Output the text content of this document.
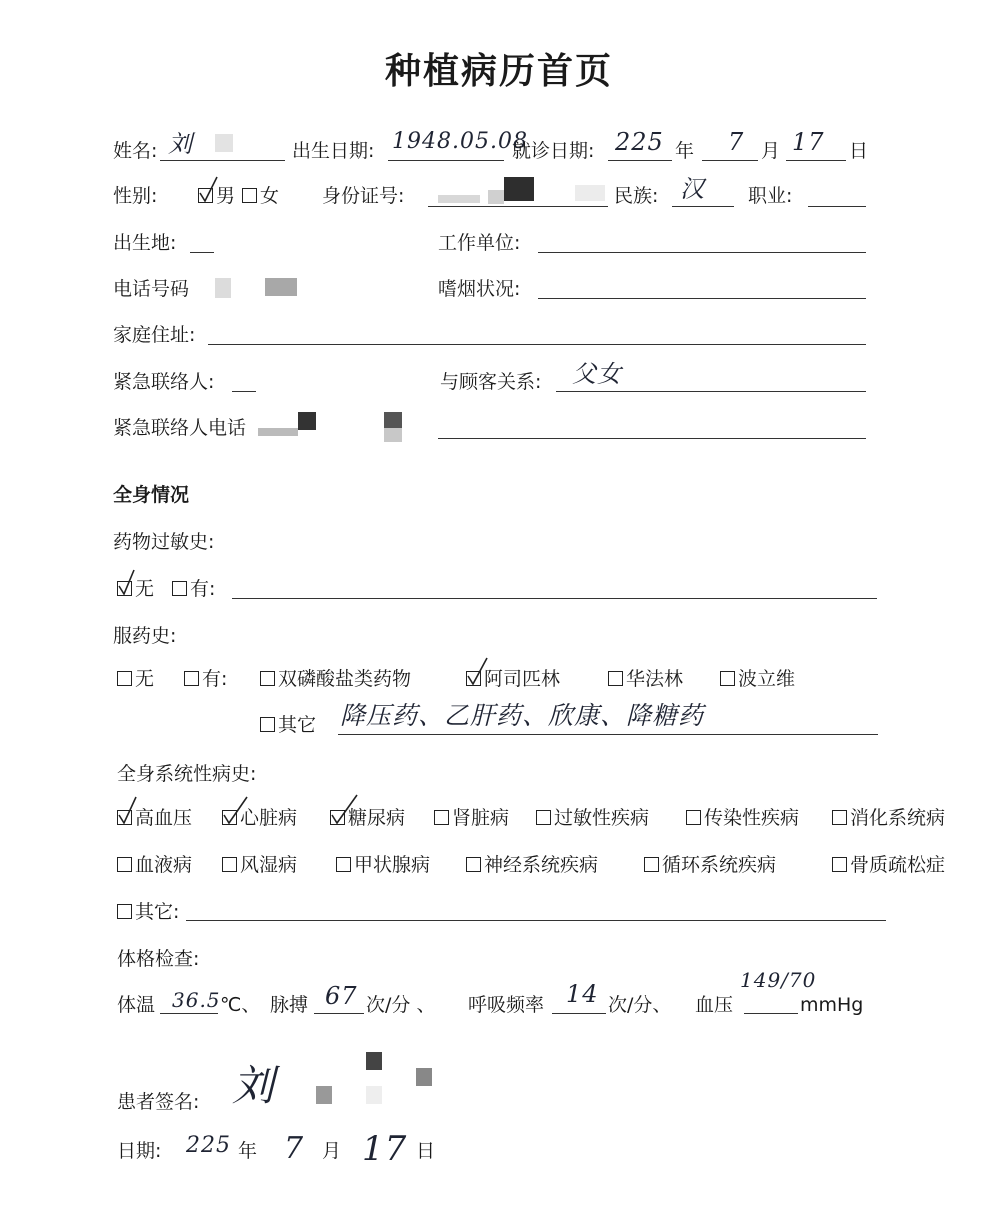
种植病历首页
姓名: 刘	出生日期: 1948.05.08
就诊日期: 225 年 7 月 17 日
性别:	男	女 身份证号:	民族: 汉 职业:
出生地:	工作单位:
电话号码	嗜烟状况:
家庭住址:
紧急联络人:	与顾客关系: 父女
紧急联络人电话
全身情况
药物过敏史:
无	有:
服药史:
无	有:	双磷酸盐类药物	阿司匹林	华法林	波立维
其它 降压药、乙肝药、欣康、降糖药
全身系统性病史:
高血压	心脏病	糖尿病	肾脏病	过敏性疾病	传染性疾病	消化系统病
血液病	风湿病	甲状腺病	神经系统疾病	循环系统疾病	骨质疏松症
其它:
体格检查:
体温 36.5 ℃、 脉搏 67 次/分 、 呼吸频率 14 次/分、 血压
149/70
mmHg
患者签名: 刘
日期: 225 年 7 月 17 日
